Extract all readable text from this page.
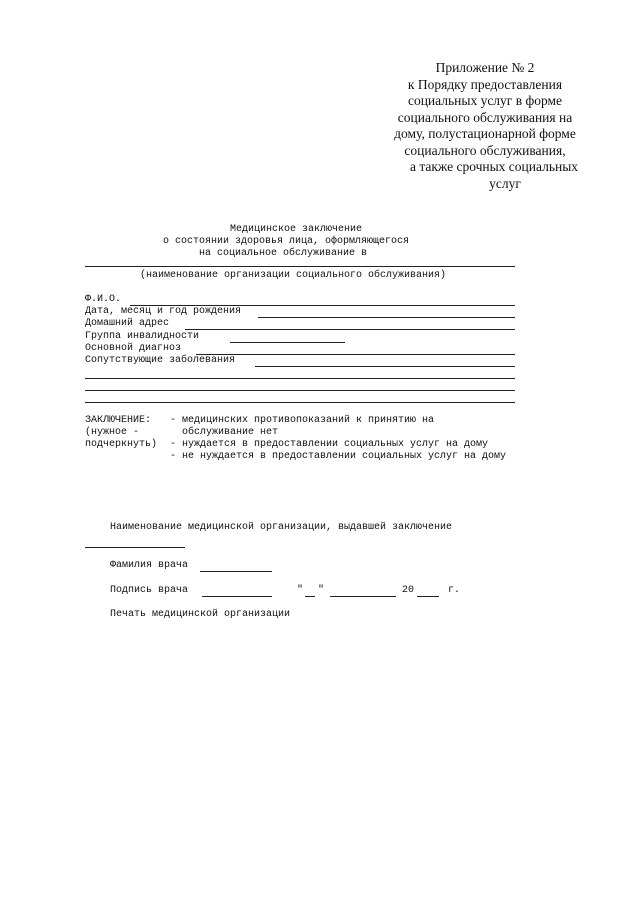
Приложение № 2
к Порядку предоставления
социальных услуг в форме
социального обслуживания на
дому, полустационарной форме
социального обслуживания,
а также срочных социальных
услуг
Медицинское заключение
о состоянии здоровья лица, оформляющегося
на социальное обслуживание в
(наименование организации социального обслуживания)
Ф.И.О.
Дата, месяц и год рождения
Домашний адрес
Группа инвалидности
Основной диагноз
Сопутствующие заболевания
ЗАКЛЮЧЕНИЕ:
(нужное -
подчеркнуть)
- медицинских противопоказаний к принятию на
обслуживание нет
- нуждается в предоставлении социальных услуг на дому
- не нуждается в предоставлении социальных услуг на дому
Наименование медицинской организации, выдавшей заключение
Фамилия врача
Подпись врача	" "	20	г.
Печать медицинской организации
